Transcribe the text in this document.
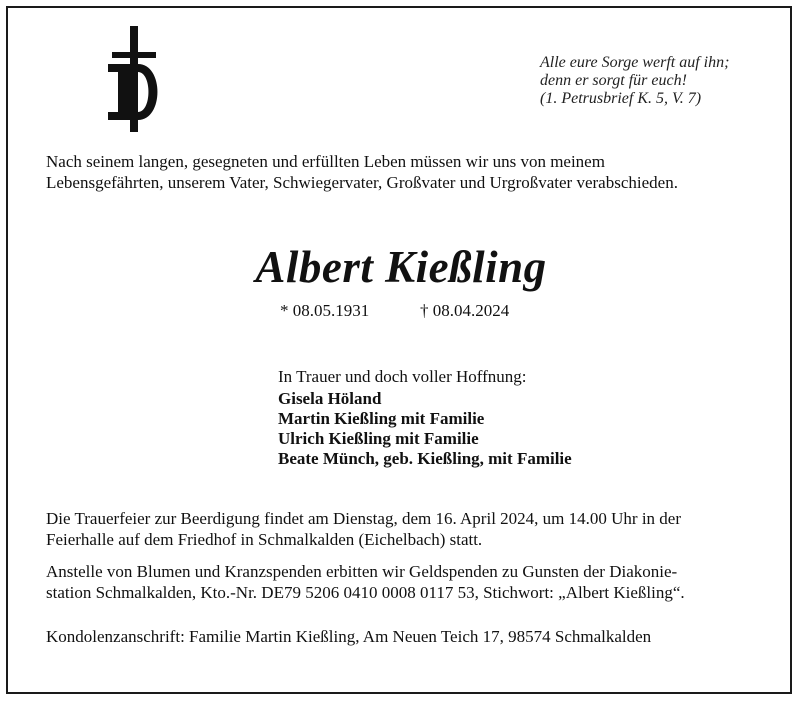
Alle eure Sorge werft auf ihn;
denn er sorgt für euch!
(1. Petrusbrief K. 5, V. 7)
Nach seinem langen, gesegneten und erfüllten Leben müssen wir uns von meinem
Lebensgefährten, unserem Vater, Schwiegervater, Großvater und Urgroßvater verabschieden.
Albert Kießling
* 08.05.1931	† 08.04.2024
In Trauer und doch voller Hoffnung:
Gisela Höland
Martin Kießling mit Familie
Ulrich Kießling mit Familie
Beate Münch, geb. Kießling, mit Familie
Die Trauerfeier zur Beerdigung findet am Dienstag, dem 16. April 2024, um 14.00 Uhr in der
Feierhalle auf dem Friedhof in Schmalkalden (Eichelbach) statt.
Anstelle von Blumen und Kranzspenden erbitten wir Geldspenden zu Gunsten der Diakonie-
station Schmalkalden, Kto.-Nr. DE79 5206 0410 0008 0117 53, Stichwort: „Albert Kießling“.
Kondolenzanschrift: Familie Martin Kießling, Am Neuen Teich 17, 98574 Schmalkalden
